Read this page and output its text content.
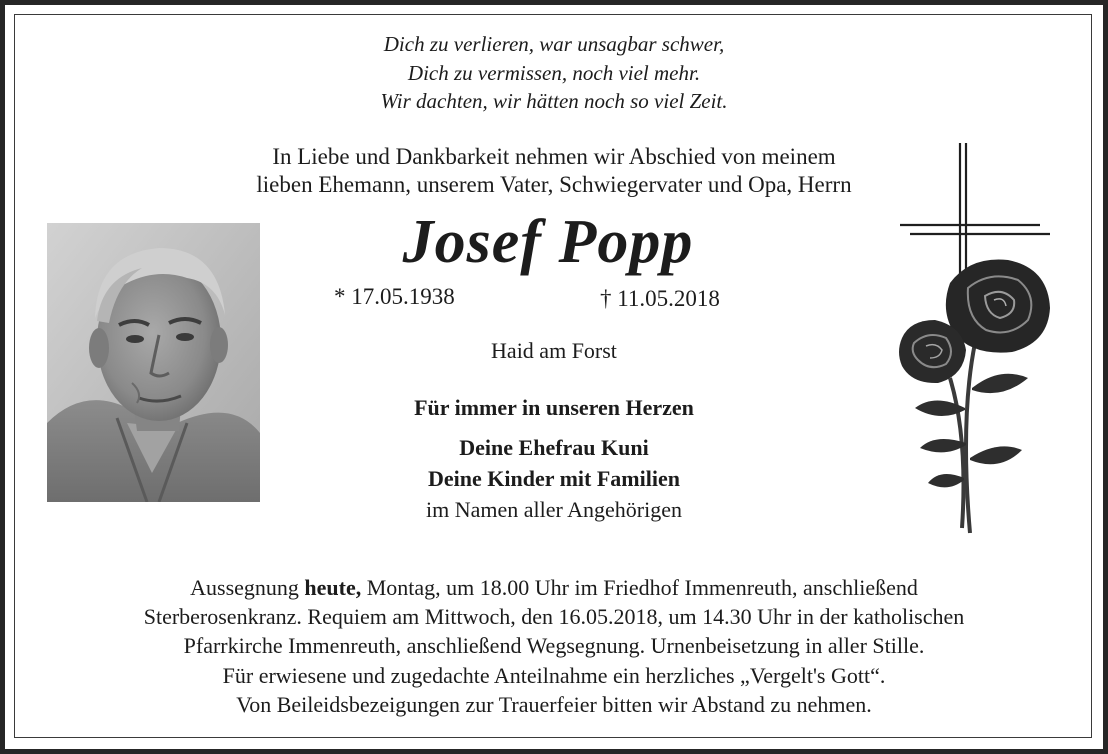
Dich zu verlieren, war unsagbar schwer,
Dich zu vermissen, noch viel mehr.
Wir dachten, wir hätten noch so viel Zeit.
In Liebe und Dankbarkeit nehmen wir Abschied von meinem
lieben Ehemann, unserem Vater, Schwiegervater und Opa, Herrn
Josef Popp
* 17.05.1938	† 11.05.2018
Haid am Forst
Für immer in unseren Herzen
Deine Ehefrau Kuni
Deine Kinder mit Familien
im Namen aller Angehörigen
Aussegnung heute, Montag, um 18.00 Uhr im Friedhof Immenreuth, anschließend
Sterberosenkranz. Requiem am Mittwoch, den 16.05.2018, um 14.30 Uhr in der katholischen
Pfarrkirche Immenreuth, anschließend Wegsegnung. Urnenbeisetzung in aller Stille.
Für erwiesene und zugedachte Anteilnahme ein herzliches „Vergelt's Gott“.
Von Beileidsbezeigungen zur Trauerfeier bitten wir Abstand zu nehmen.
